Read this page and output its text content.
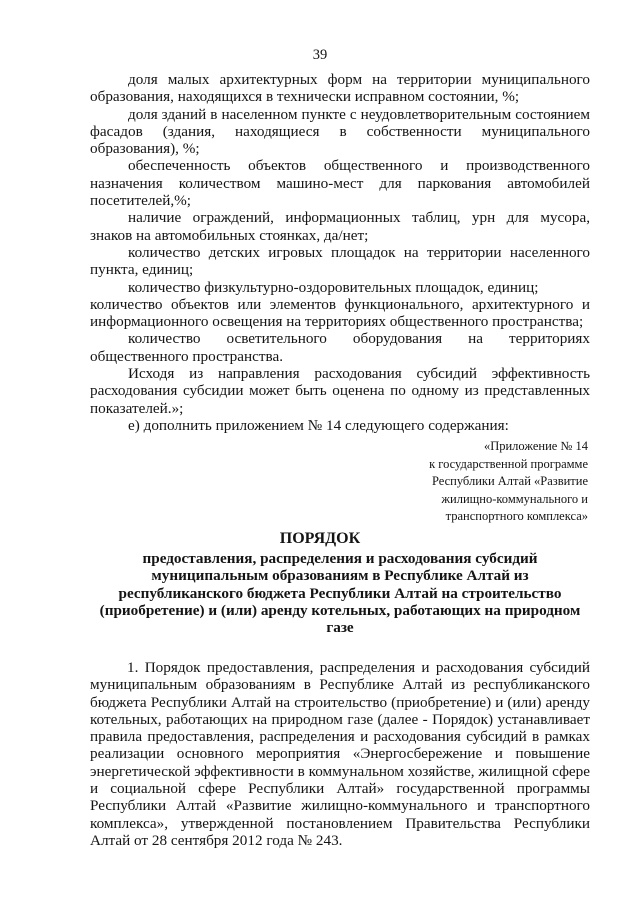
39

доля малых архитектурных форм на территории муниципального образования, находящихся в технически исправном состоянии, %;

доля зданий в населенном пункте с неудовлетворительным состоянием фасадов (здания, находящиеся в собственности муниципального образования), %;

обеспеченность объектов общественного и производственного назначения количеством машино-мест для паркования автомобилей посетителей,%;

наличие ограждений, информационных таблиц, урн для мусора, знаков на автомобильных стоянках, да/нет;

количество детских игровых площадок на территории населенного пункта, единиц;

количество физкультурно-оздоровительных площадок, единиц;

количество объектов или элементов функционального, архитектурного и информационного освещения на территориях общественного пространства;

количество осветительного оборудования на территориях общественного пространства.

Исходя из направления расходования субсидий эффективность расходования субсидии может быть оценена по одному из представленных показателей.»;

е) дополнить приложением № 14 следующего содержания:

«Приложение № 14
к государственной программе
Республики Алтай «Развитие
жилищно-коммунального и
транспортного комплекса»
ПОРЯДОК
предоставления, распределения и расходования субсидий
муниципальным образованиям в Республике Алтай из
республиканского бюджета Республики Алтай на строительство
(приобретение) и (или) аренду котельных, работающих на природном
газе

1. Порядок предоставления, распределения и расходования субсидий муниципальным образованиям в Республике Алтай из республиканского бюджета Республики Алтай на строительство (приобретение) и (или) аренду котельных, работающих на природном газе (далее - Порядок) устанавливает правила предоставления, распределения и расходования субсидий в рамках реализации основного мероприятия «Энергосбережение и повышение энергетической эффективности в коммунальном хозяйстве, жилищной сфере и социальной сфере Республики Алтай» государственной программы Республики Алтай «Развитие жилищно-коммунального и транспортного комплекса», утвержденной постановлением Правительства Республики Алтай от 28 сентября 2012 года № 243.
